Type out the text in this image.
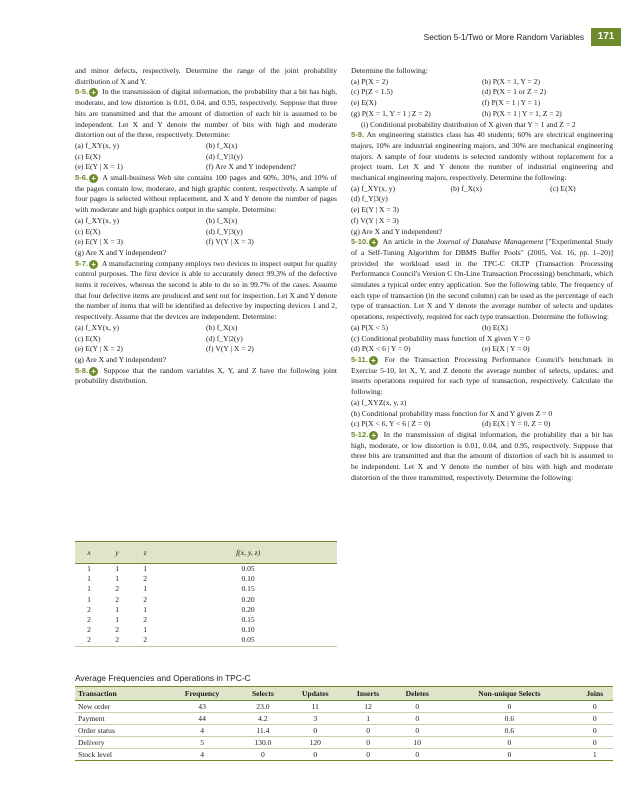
Section 5-1/Two or More Random Variables	171

and minor defects, respectively. Determine the range of the joint probability distribution of X and Y.

5-5. + In the transmission of digital information, the probability that a bit has high, moderate, and low distortion is 0.01, 0.04, and 0.95, respectively. Suppose that three bits are transmitted and that the amount of distortion of each bit is assumed to be independent. Let X and Y denote the number of bits with high and moderate distortion out of the three, respectively. Determine:

(a) f_XY(x, y)	(b) f_X(x)
(c) E(X)	(d) f_Y|1(y)
(e) E(Y | X = 1)	(f) Are X and Y independent?

5-6. + A small-business Web site contains 100 pages and 60%, 30%, and 10% of the pages contain low, moderate, and high graphic content, respectively. A sample of four pages is selected without replacement, and X and Y denote the number of pages with moderate and high graphics output in the sample. Determine:

(a) f_XY(x, y)	(b) f_X(x)
(c) E(X)	(d) f_Y|3(y)
(e) E(Y | X = 3)	(f) V(Y | X = 3)
(g) Are X and Y independent?

5-7. + A manufacturing company employs two devices to inspect output for quality control purposes. The first device is able to accurately detect 99.3% of the defective items it receives, whereas the second is able to do so in 99.7% of the cases. Assume that four defective items are produced and sent out for inspection. Let X and Y denote the number of items that will be identified as defective by inspecting devices 1 and 2, respectively. Assume that the devices are independent. Determine:

(a) f_XY(x, y)	(b) f_X(x)
(c) E(X)	(d) f_Y|2(y)
(e) E(Y | X = 2)	(f) V(Y | X = 2)
(g) Are X and Y independent?

5-8. + Suppose that the random variables X, Y, and Z have the following joint probability distribution.

x	y	z	f(x, y, z)
1	1	1	0.05
1	1	2	0.10
1	2	1	0.15
1	2	2	0.20
2	1	1	0.20
2	1	2	0.15
2	2	1	0.10
2	2	2	0.05

Determine the following:

(a) P(X = 2)	(b) P(X = 1, Y = 2)
(c) P(Z < 1.5)	(d) P(X = 1 or Z = 2)
(e) E(X)	(f) P(X = 1 | Y = 1)
(g) P(X = 1, Y = 1 | Z = 2)	(h) P(X = 1 | Y = 1, Z = 2)

(i) Conditional probability distribution of X given that Y = 1 and Z = 2

5-9. An engineering statistics class has 40 students; 60% are electrical engineering majors, 10% are industrial engineering majors, and 30% are mechanical engineering majors. A sample of four students is selected randomly without replacement for a project team. Let X and Y denote the number of industrial engineering and mechanical engineering majors, respectively. Determine the following:

(a) f_XY(x, y)	(b) f_X(x)	(c) E(X)
(d) f_Y|3(y)
(e) E(Y | X = 3)
(f) V(Y | X = 3)
(g) Are X and Y independent?

5-10. + An article in the Journal of Database Management ["Experimental Study of a Self-Tuning Algorithm for DBMS Buffer Pools" (2005, Vol. 16, pp. 1–20)] provided the workload used in the TPC-C OLTP (Transaction Processing Performance Council's Version C On-Line Transaction Processing) benchmark, which simulates a typical order entry application. See the following table. The frequency of each type of transaction (in the second column) can be used as the percentage of each type of transaction. Let X and Y denote the average number of selects and updates operations, respectively, required for each type transaction. Determine the following:

(a) P(X < 5)	(b) E(X)
(c) Conditional probability mass function of X given Y = 0
(d) P(X < 6 | Y = 0)	(e) E(X | Y = 0)

5-11. + For the Transaction Processing Performance Council's benchmark in Exercise 5-10, let X, Y, and Z denote the average number of selects, updates, and inserts operations required for each type of transaction, respectively. Calculate the following:

(a) f_XYZ(x, y, z)
(b) Conditional probability mass function for X and Y given Z = 0
(c) P(X < 6, Y < 6 | Z = 0)	(d) E(X | Y = 0, Z = 0)

5-12. + In the transmission of digital information, the probability that a bit has high, moderate, or low distortion is 0.01, 0.04, and 0.95, respectively. Suppose that three bits are transmitted and that the amount of distortion of each bit is assumed to be independent. Let X and Y denote the number of bits with high and moderate distortion of the three transmitted, respectively. Determine the following:

Average Frequencies and Operations in TPC-C
Transaction	Frequency	Selects	Updates	Inserts	Deletes	Non-unique Selects	Joins
New order	43	23.0	11	12	0	0	0
Payment	44	4.2	3	1	0	0.6	0
Order status	4	11.4	0	0	0	0.6	0
Delivery	5	130.0	120	0	10	0	0
Stock level	4	0	0	0	0	0	1
